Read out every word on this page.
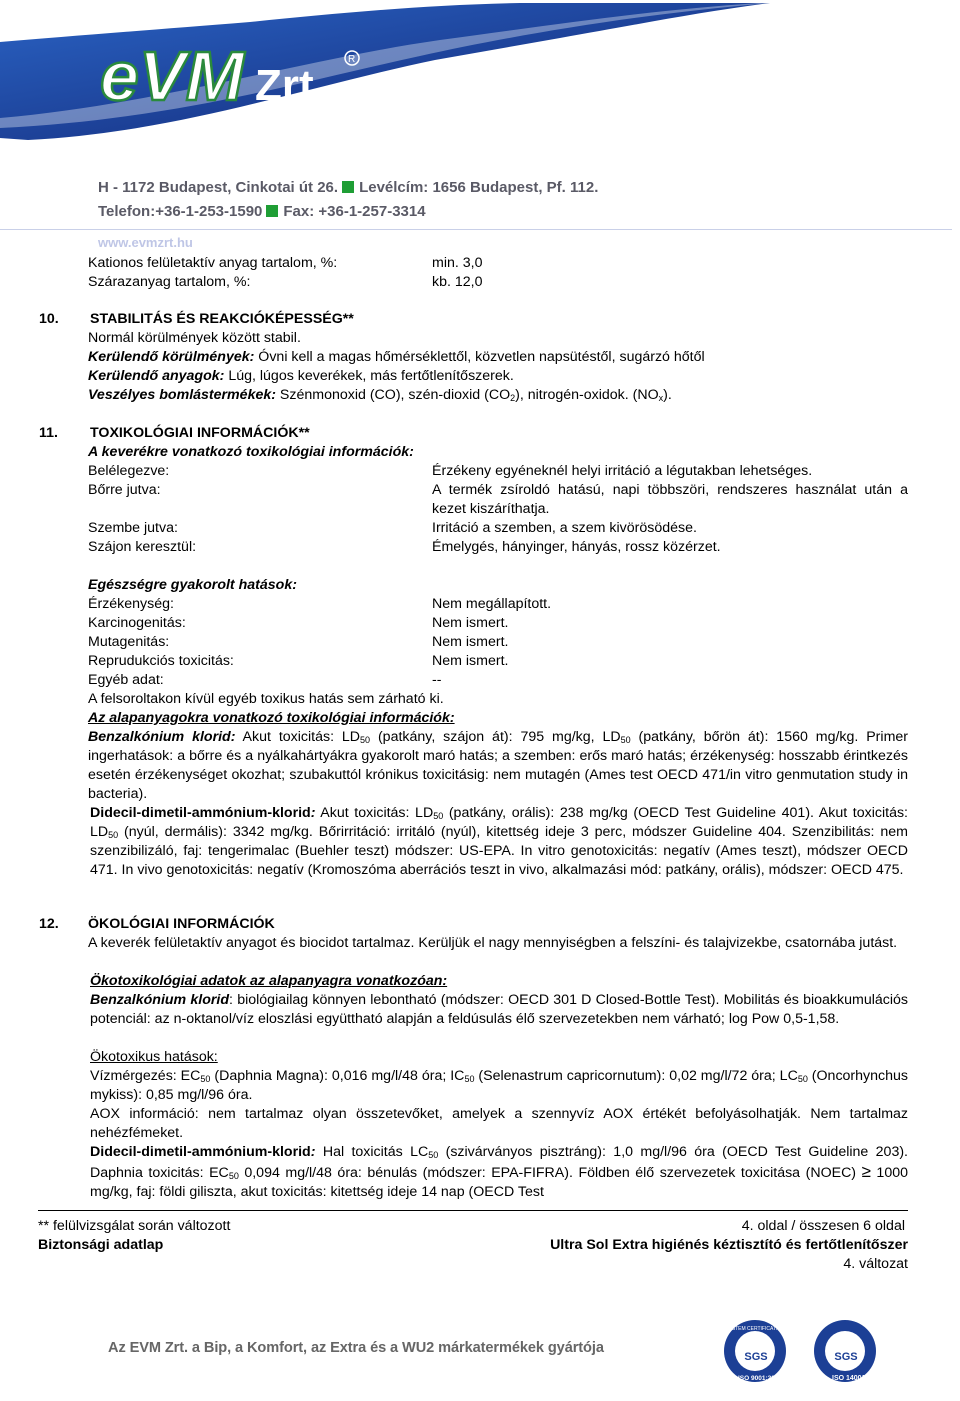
eVM Zrt.
R
H - 1172 Budapest, Cinkotai út 26. Levélcím: 1656 Budapest, Pf. 112.
Telefon:+36-1-253-1590 Fax: +36-1-257-3314
www.evmzrt.hu
Kationos felületaktív anyag tartalom, %:	min. 3,0
Szárazanyag tartalom, %:	kb. 12,0
10. STABILITÁS ÉS REAKCIÓKÉPESSÉG**
Normál körülmények között stabil.
Kerülendő körülmények: Óvni kell a magas hőmérséklettől, közvetlen napsütéstől, sugárzó hőtől
Kerülendő anyagok: Lúg, lúgos keverékek, más fertőtlenítőszerek.
Veszélyes bomlástermékek: Szénmonoxid (CO), szén-dioxid $(CO_2)$, nitrogén-oxidok. $(NO_x)$.
11. TOXIKOLÓGIAI INFORMÁCIÓK**
A keverékre vonatkozó toxikológiai információk:
Belélegezve:	Érzékeny egyéneknél helyi irritáció a légutakban lehetséges.
Bőrre jutva:	A termék zsíroldó hatású, napi többszöri, rendszeres használat után a kezet kiszáríthatja.
Szembe jutva:	Irritáció a szemben, a szem kivörösödése.
Szájon keresztül:	Émelygés, hányinger, hányás, rossz közérzet.
Egészségre gyakorolt hatások:
Érzékenység:	Nem megállapított.
Karcinogenitás:	Nem ismert.
Mutagenitás:	Nem ismert.
Reprudukciós toxicitás:	Nem ismert.
Egyéb adat:	--
A felsoroltakon kívül egyéb toxikus hatás sem zárható ki.
Az alapanyagokra vonatkozó toxikológiai információk:
Benzalkónium klorid: Akut toxicitás: $LD_{50}$ (patkány, szájon át): 795 mg/kg, $LD_{50}$ (patkány, bőrön át): 1560 mg/kg. Primer ingerhatások: a bőrre és a nyálkahártyákra gyakorolt maró hatás; a szemben: erős maró hatás; érzékenység: hosszabb érintkezés esetén érzékenységet okozhat; szubakuttól krónikus toxicitásig: nem mutagén (Ames test OECD 471/in vitro genmutation study in bacteria).
Didecil-dimetil-ammónium-klorid: Akut toxicitás: $LD_{50}$ (patkány, orális): 238 mg/kg (OECD Test Guideline 401). Akut toxicitás: $LD_{50}$ (nyúl, dermális): 3342 mg/kg. Bőrirritáció: irritáló (nyúl), kitettség ideje 3 perc, módszer Guideline 404. Szenzibilitás: nem szenzibilizáló, faj: tengerimalac (Buehler teszt) módszer: US-EPA. In vitro genotoxicitás: negatív (Ames teszt), módszer OECD 471. In vivo genotoxicitás: negatív (Kromoszóma aberrációs teszt in vivo, alkalmazási mód: patkány, orális), módszer: OECD 475.
12. ÖKOLÓGIAI INFORMÁCIÓK
A keverék felületaktív anyagot és biocidot tartalmaz. Kerüljük el nagy mennyiségben a felszíni- és talajvizekbe, csatornába jutást.
Ökotoxikológiai adatok az alapanyagra vonatkozóan:
Benzalkónium klorid: biológiailag könnyen lebontható (módszer: OECD 301 D Closed-Bottle Test). Mobilitás és bioakkumulációs potenciál: az n-oktanol/víz eloszlási együttható alapján a feldúsulás élő szervezetekben nem várható; log Pow 0,5-1,58.
Ökotoxikus hatások:
Vízmérgezés: $EC_{50}$ (Daphnia Magna): 0,016 mg/l/48 óra; $IC_{50}$ (Selenastrum capricornutum): 0,02 mg/l/72 óra; $LC_{50}$ (Oncorhynchus mykiss): 0,85 mg/l/96 óra.
AOX információ: nem tartalmaz olyan összetevőket, amelyek a szennyvíz AOX értékét befolyásolhatják. Nem tartalmaz nehézfémeket.
Didecil-dimetil-ammónium-klorid: Hal toxicitás $LC_{50}$ (szivárványos pisztráng): 1,0 mg/l/96 óra (OECD Test Guideline 203). Daphnia toxicitás: $EC_{50}$ 0,094 mg/l/48 óra: bénulás (módszer: EPA-FIFRA). Földben élő szervezetek toxicitása (NOEC) ≥ 1000 mg/kg, faj: földi giliszta, akut toxicitás: kitettség ideje 14 nap (OECD Test
** felülvizsgálat során változott	4. oldal / összesen 6 oldal
Biztonsági adatlap	Ultra Sol Extra higiénés kéztisztító és fertőtlenítőszer
4. változat
Az EVM Zrt. a Bip, a Komfort, az Extra és a WU2 márkatermékek gyártója
SYSTEM CERTIFICATION
ISO 9001:2000
SGS
ISO 14001
SGS
